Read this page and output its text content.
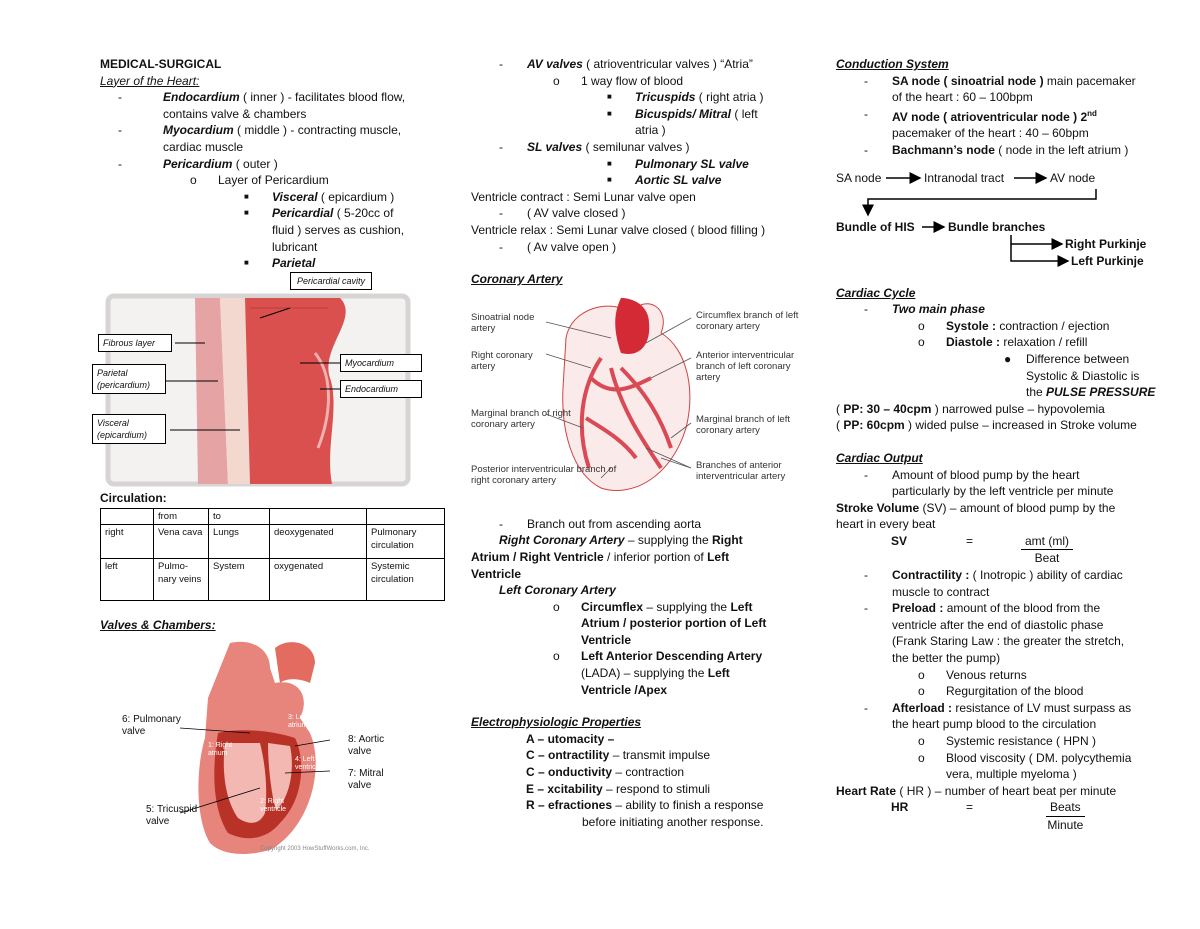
MEDICAL-SURGICAL
Layer of the Heart:
-	Endocardium ( inner ) - facilitates blood flow,
contains valve & chambers
-	Myocardium ( middle ) - contracting muscle,
cardiac muscle
-	Pericardium ( outer )
o	Layer of Pericardium
■	Visceral ( epicardium )
■	Pericardial ( 5-20cc of
fluid ) serves as cushion,
lubricant
■	Parietal
Pericardial cavity
Fibrous layer
Parietal (pericardium)
Visceral (epicardium)
Myocardium
Endocardium
Circulation:
	from	to		
right	Vena cava	Lungs	deoxygenated	Pulmonary circulation
left	Pulmo-nary veins	System	oxygenated	Systemic circulation
Valves & Chambers:
6: Pulmonary valve
5: Tricuspid valve
8: Aortic valve
7: Mitral valve
3: Left atrium
1: Right atrium
4: Left ventricle
2: Right ventricle
Copyright 2003 HowStuffWorks.com, Inc.
-	AV valves ( atrioventricular valves ) “Atria”
o	1 way flow of blood
■	Tricuspids ( right atria )
■	Bicuspids/ Mitral ( left
atria )
-	SL valves ( semilunar valves )
■	Pulmonary SL valve
■	Aortic SL valve
Ventricle contract : Semi Lunar valve open
-	( AV valve closed )
Ventricle relax : Semi Lunar valve closed ( blood filling )
-	( Av valve open )
Coronary Artery
Sinoatrial node artery
Right coronary artery
Marginal branch of right coronary artery
Posterior interventricular branch of right coronary artery
Circumflex branch of left coronary artery
Anterior interventricular branch of left coronary artery
Marginal branch of left coronary artery
Branches of anterior interventricular artery
-	Branch out from ascending aorta
Right Coronary Artery – supplying the Right
Atrium / Right Ventricle / inferior portion of Left
Ventricle
Left Coronary Artery
o	Circumflex – supplying the Left
Atrium / posterior portion of Left
Ventricle
o	Left Anterior Descending Artery
(LADA) – supplying the Left
Ventricle /Apex
Electrophysiologic Properties
A – utomacity –
C – ontractility – transmit impulse
C – onductivity – contraction
E – xcitability – respond to stimuli
R – efractiones – ability to finish a response
before initiating another response.
Conduction System
-	SA node ( sinoatrial node ) main pacemaker
of the heart : 60 – 100bpm
-	AV node ( atrioventricular node ) 2nd
pacemaker of the heart : 40 – 60bpm
-	Bachmann’s node ( node in the left atrium )
SA node	Intranodal tract	AV node
Bundle of HIS	Bundle branches
Right Purkinje
Left Purkinje
Cardiac Cycle
-	Two main phase
o	Systole : contraction / ejection
o	Diastole : relaxation / refill
●	Difference between
Systolic & Diastolic is
the PULSE PRESSURE
( PP: 30 – 40cpm ) narrowed pulse – hypovolemia
( PP: 60cpm ) wided pulse – increased in Stroke volume
Cardiac Output
-	Amount of blood pump by the heart
particularly by the left ventricle per minute
Stroke Volume (SV) – amount of blood pump by the
heart in every beat
SV	=	$\frac{\text{amt (ml)}}{\text{Beat}}$
-	Contractility : ( Inotropic ) ability of cardiac
muscle to contract
-	Preload : amount of the blood from the
ventricle after the end of diastolic phase
(Frank Staring Law : the greater the stretch,
the better the pump)
o	Venous returns
o	Regurgitation of the blood
-	Afterload : resistance of LV must surpass as
the heart pump blood to the circulation
o	Systemic resistance ( HPN )
o	Blood viscosity ( DM. polycythemia
vera, multiple myeloma )
Heart Rate ( HR ) – number of heart beat per minute
HR	=	$\frac{\text{Beats}}{\text{Minute}}$
